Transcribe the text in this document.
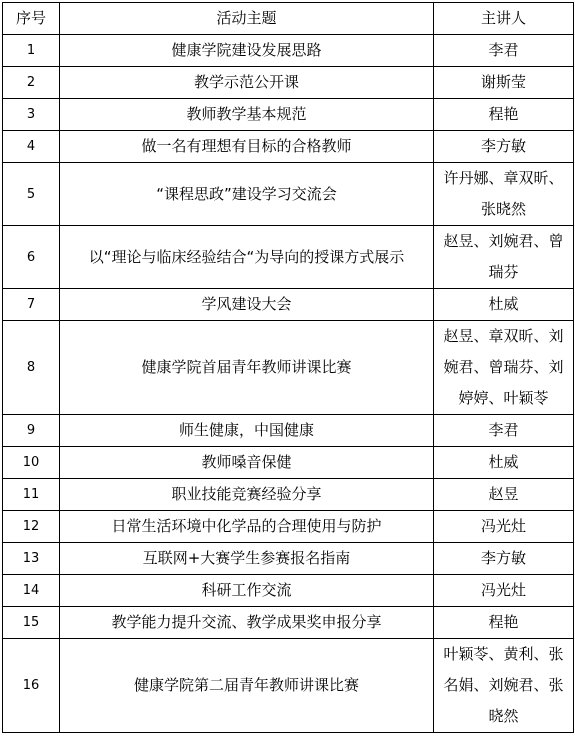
序号	活动主题	主讲人
1	健康学院建设发展思路	李君
2	教学示范公开课	谢斯莹
3	教师教学基本规范	程艳
4	做一名有理想有目标的合格教师	李方敏
5	“课程思政”建设学习交流会	许丹娜、章双昕、张晓然
6	以“理论与临床经验结合“为导向的授课方式展示	赵昱、刘婉君、曾瑞芬
7	学风建设大会	杜威
8	健康学院首届青年教师讲课比赛	赵昱、章双昕、刘婉君、曾瑞芬、刘婷婷、叶颖苓
9	师生健康，中国健康	李君
10	教师嗓音保健	杜威
11	职业技能竞赛经验分享	赵昱
12	日常生活环境中化学品的合理使用与防护	冯光灶
13	互联网+大赛学生参赛报名指南	李方敏
14	科研工作交流	冯光灶
15	教学能力提升交流、教学成果奖申报分享	程艳
16	健康学院第二届青年教师讲课比赛	叶颖苓、黄利、张名娟、刘婉君、张晓然
